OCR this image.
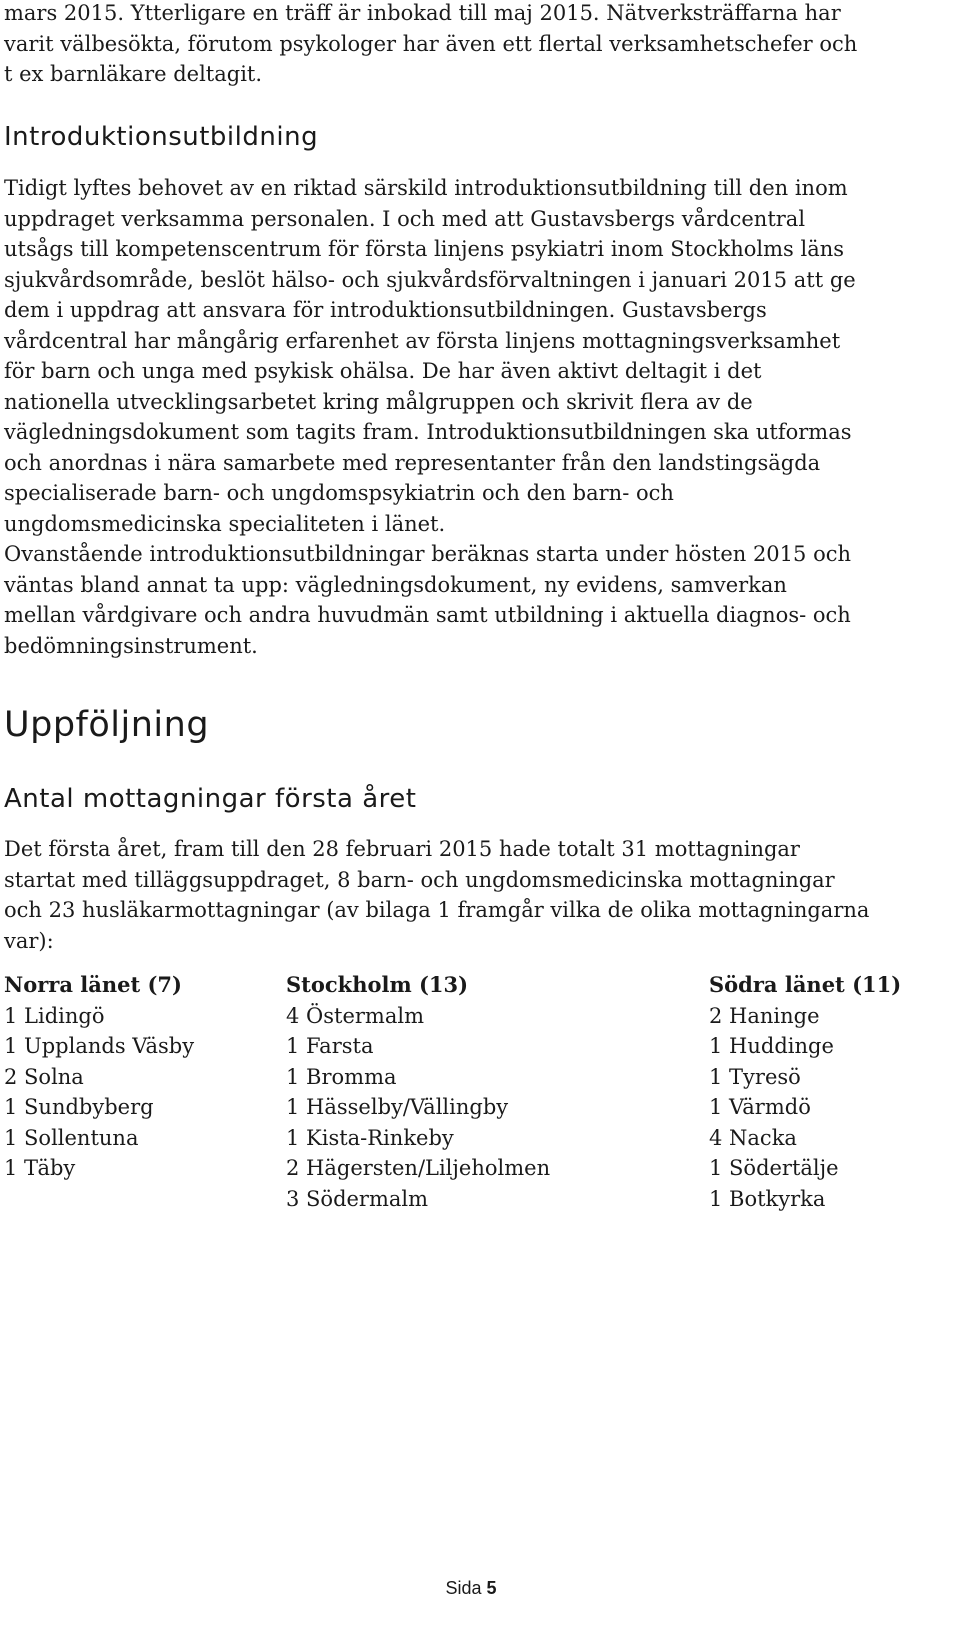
mars 2015. Ytterligare en träff är inbokad till maj 2015. Nätverksträffarna har
varit välbesökta, förutom psykologer har även ett flertal verksamhetschefer och
t ex barnläkare deltagit.

Introduktionsutbildning

Tidigt lyftes behovet av en riktad särskild introduktionsutbildning till den inom
uppdraget verksamma personalen. I och med att Gustavsbergs vårdcentral
utsågs till kompetenscentrum för första linjens psykiatri inom Stockholms läns
sjukvårdsområde, beslöt hälso- och sjukvårdsförvaltningen i januari 2015 att ge
dem i uppdrag att ansvara för introduktionsutbildningen. Gustavsbergs
vårdcentral har mångårig erfarenhet av första linjens mottagningsverksamhet
för barn och unga med psykisk ohälsa. De har även aktivt deltagit i det
nationella utvecklingsarbetet kring målgruppen och skrivit flera av de
vägledningsdokument som tagits fram. Introduktionsutbildningen ska utformas
och anordnas i nära samarbete med representanter från den landstingsägda
specialiserade barn- och ungdomspsykiatrin och den barn- och
ungdomsmedicinska specialiteten i länet.

Ovanstående introduktionsutbildningar beräknas starta under hösten 2015 och
väntas bland annat ta upp: vägledningsdokument, ny evidens, samverkan
mellan vårdgivare och andra huvudmän samt utbildning i aktuella diagnos- och
bedömningsinstrument.

Uppföljning
Antal mottagningar första året

Det första året, fram till den 28 februari 2015 hade totalt 31 mottagningar
startat med tilläggsuppdraget, 8 barn- och ungdomsmedicinska mottagningar
och 23 husläkarmottagningar (av bilaga 1 framgår vilka de olika mottagningarna
var):

Norra länet (7)
1 Lidingö
1 Upplands Väsby
2 Solna
1 Sundbyberg
1 Sollentuna
1 Täby
Stockholm (13)
4 Östermalm
1 Farsta
1 Bromma
1 Hässelby/Vällingby
1 Kista-Rinkeby
2 Hägersten/Liljeholmen
3 Södermalm
Södra länet (11)
2 Haninge
1 Huddinge
1 Tyresö
1 Värmdö
4 Nacka
1 Södertälje
1 Botkyrka
Sida 5
